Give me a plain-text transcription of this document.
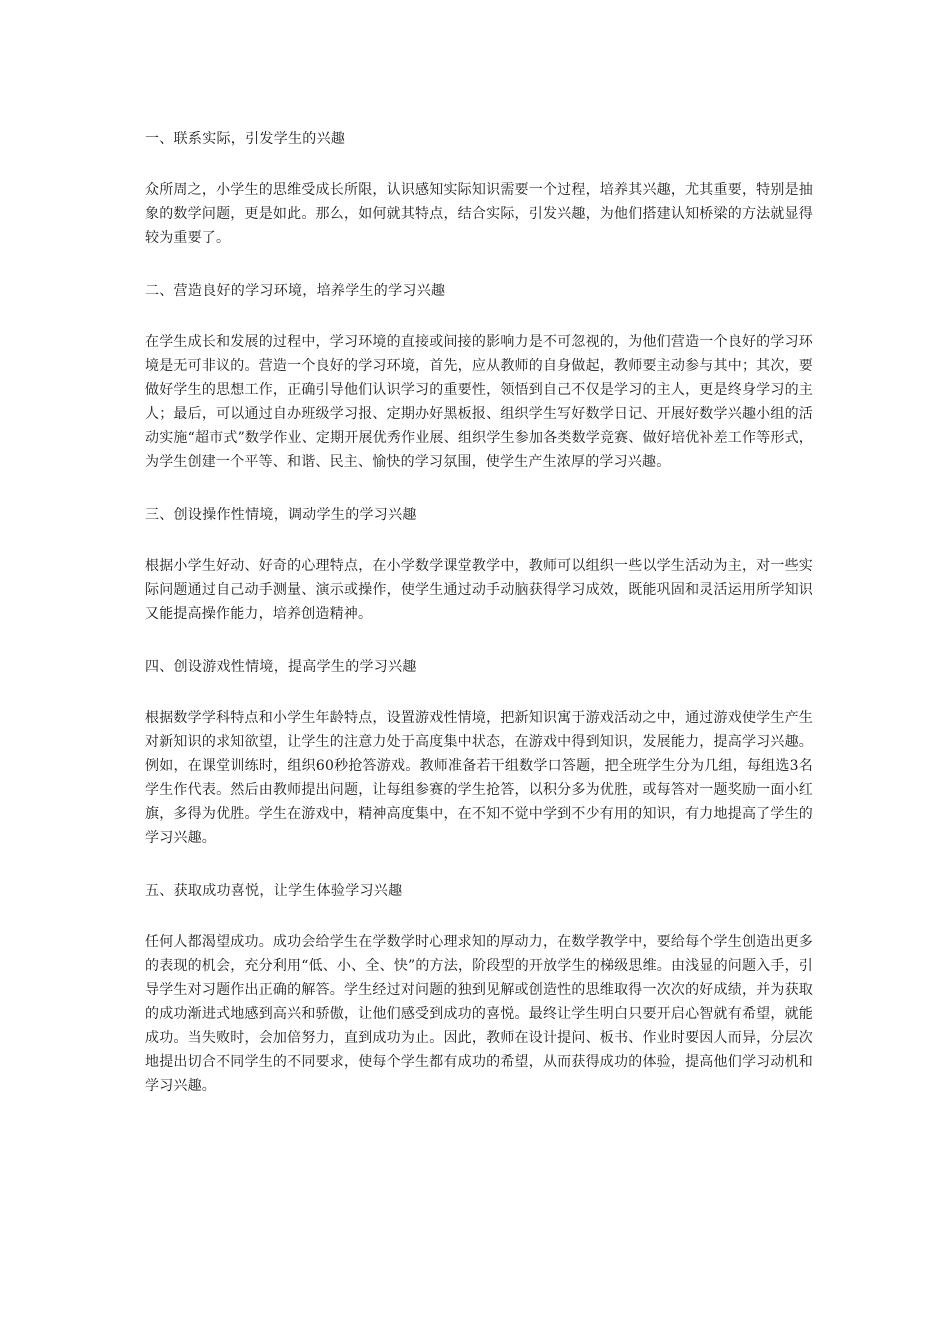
一、联系实际，引发学生的兴趣
众所周之，小学生的思维受成长所限，认识感知实际知识需要一个过程，培养其兴趣，尤其重要，特别是抽象的数学问题，更是如此。那么，如何就其特点，结合实际，引发兴趣，为他们搭建认知桥梁的方法就显得较为重要了。
二、营造良好的学习环境，培养学生的学习兴趣
在学生成长和发展的过程中，学习环境的直接或间接的影响力是不可忽视的，为他们营造一个良好的学习环境是无可非议的。营造一个良好的学习环境，首先，应从教师的自身做起，教师要主动参与其中；其次，要做好学生的思想工作，正确引导他们认识学习的重要性，领悟到自己不仅是学习的主人，更是终身学习的主人；最后，可以通过自办班级学习报、定期办好黑板报、组织学生写好数学日记、开展好数学兴趣小组的活动实施“超市式”数学作业、定期开展优秀作业展、组织学生参加各类数学竞赛、做好培优补差工作等形式，为学生创建一个平等、和谐、民主、愉快的学习氛围，使学生产生浓厚的学习兴趣。
三、创设操作性情境，调动学生的学习兴趣
根据小学生好动、好奇的心理特点，在小学数学课堂教学中，教师可以组织一些以学生活动为主，对一些实际问题通过自己动手测量、演示或操作，使学生通过动手动脑获得学习成效，既能巩固和灵活运用所学知识又能提高操作能力，培养创造精神。
四、创设游戏性情境，提高学生的学习兴趣
根据数学学科特点和小学生年龄特点，设置游戏性情境，把新知识寓于游戏活动之中，通过游戏使学生产生对新知识的求知欲望，让学生的注意力处于高度集中状态，在游戏中得到知识，发展能力，提高学习兴趣。例如，在课堂训练时，组织60秒抢答游戏。教师准备若干组数学口答题，把全班学生分为几组，每组选3名学生作代表。然后由教师提出问题，让每组参赛的学生抢答，以积分多为优胜，或每答对一题奖励一面小红旗，多得为优胜。学生在游戏中，精神高度集中，在不知不觉中学到不少有用的知识，有力地提高了学生的学习兴趣。
五、获取成功喜悦，让学生体验学习兴趣
任何人都渴望成功。成功会给学生在学数学时心理求知的厚动力，在数学教学中，要给每个学生创造出更多的表现的机会，充分利用“低、小、全、快”的方法，阶段型的开放学生的梯级思维。由浅显的问题入手，引导学生对习题作出正确的解答。学生经过对问题的独到见解或创造性的思维取得一次次的好成绩，并为获取的成功渐进式地感到高兴和骄傲，让他们感受到成功的喜悦。最终让学生明白只要开启心智就有希望，就能成功。当失败时，会加倍努力，直到成功为止。因此，教师在设计提问、板书、作业时要因人而异，分层次地提出切合不同学生的不同要求，使每个学生都有成功的希望，从而获得成功的体验，提高他们学习动机和学习兴趣。
